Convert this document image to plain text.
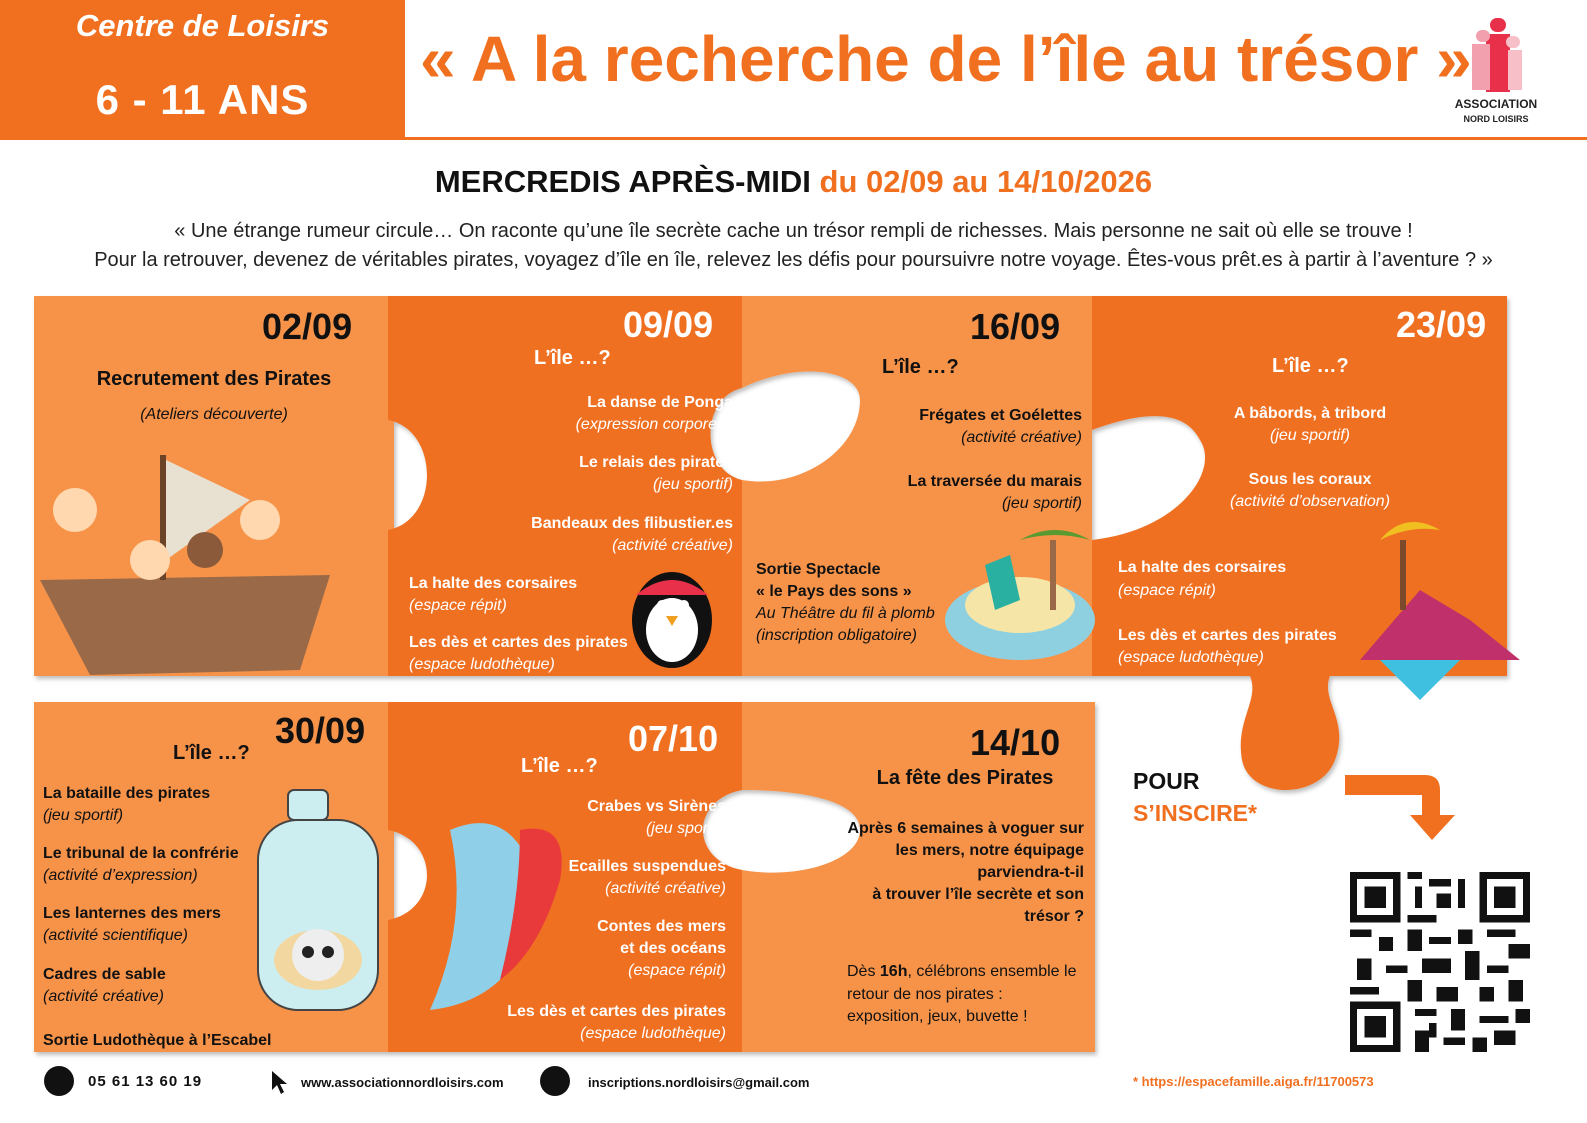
Centre de Loisirs
6 - 11 ANS
« A la recherche de l’île au trésor »
ASSOCIATION
NORD LOISIRS
MERCREDIS APRÈS-MIDI du 02/09 au 14/10/2026
« Une étrange rumeur circule… On raconte qu’une île secrète cache un trésor rempli de richesses. Mais personne ne sait où elle se trouve !
Pour la retrouver, devenez de véritables pirates, voyagez d’île en île, relevez les défis pour poursuivre notre voyage. Êtes-vous prêt.es à partir à l’aventure ? »
02/09
Recrutement des Pirates
(Ateliers découverte)
09/09
L’île …?
La danse de Ponga
(expression corporelle
Le relais des pirates
(jeu sportif)
Bandeaux des flibustier.es
(activité créative)
La halte des corsaires
(espace répit)
Les dès et cartes des pirates
(espace ludothèque)
16/09
L’île …?
Frégates et Goélettes
(activité créative)
La traversée du marais
(jeu sportif)
Sortie Spectacle
« le Pays des sons »
Au Théâtre du fil à plomb
(inscription obligatoire)
23/09
L’île …?
A bâbords, à tribord
(jeu sportif)
Sous les coraux
(activité d’observation)
La halte des corsaires
(espace répit)
Les dès et cartes des pirates
(espace ludothèque)
30/09
L’île …?
La bataille des pirates
(jeu sportif)
Le tribunal de la confrérie
(activité d’expression)
Les lanternes des mers
(activité scientifique)
Cadres de sable
(activité créative)
Sortie Ludothèque à l’Escabel
07/10
L’île …?
Crabes vs Sirènes
(jeu sportif)
Ecailles suspendues
(activité créative)
Contes des mers
et des océans
(espace répit)
Les dès et cartes des pirates
(espace ludothèque)
14/10
La fête des Pirates
Après 6 semaines à voguer sur
les mers, notre équipage
parviendra-t-il
à trouver l’île secrète et son
trésor ?
Dès 16h, célébrons ensemble le
retour de nos pirates :
exposition, jeux, buvette !
POUR
S’INSCIRE*
05 61 13 60 19	www.associationnordloisirs.com	inscriptions.nordloisirs@gmail.com	* https://espacefamille.aiga.fr/11700573
